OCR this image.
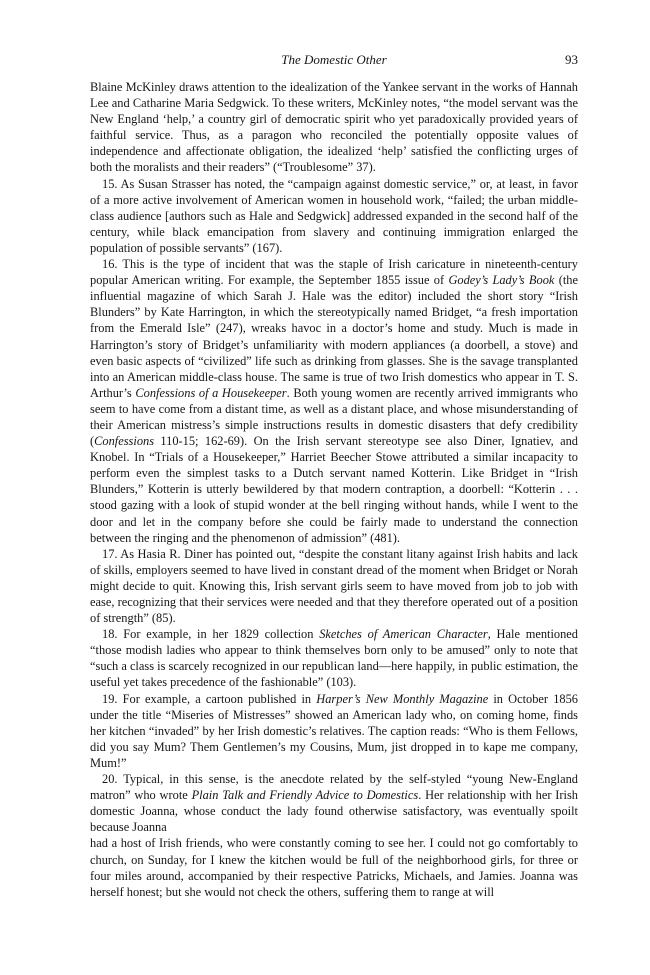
The Domestic Other	93

Blaine McKinley draws attention to the idealization of the Yankee servant in the works of Hannah Lee and Catharine Maria Sedgwick. To these writers, McKinley notes, “the model servant was the New England ‘help,’ a country girl of democratic spirit who yet paradoxically provided years of faithful service. Thus, as a paragon who reconciled the potentially opposite values of independence and affectionate obligation, the idealized ‘help’ satisfied the conflicting urges of both the moralists and their readers” (“Troublesome” 37).

15. As Susan Strasser has noted, the “campaign against domestic service,” or, at least, in favor of a more active involvement of American women in household work, “failed; the urban middle-class audience [authors such as Hale and Sedgwick] addressed expanded in the second half of the century, while black emancipation from slavery and continuing immigration enlarged the population of possible servants” (167).

16. This is the type of incident that was the staple of Irish caricature in nineteenth-century popular American writing. For example, the September 1855 issue of Godey’s Lady’s Book (the influential magazine of which Sarah J. Hale was the editor) included the short story “Irish Blunders” by Kate Harrington, in which the stereotypically named Bridget, “a fresh importation from the Emerald Isle” (247), wreaks havoc in a doctor’s home and study. Much is made in Harrington’s story of Bridget’s unfamiliarity with modern appliances (a doorbell, a stove) and even basic aspects of “civilized” life such as drinking from glasses. She is the savage transplanted into an American middle-class house. The same is true of two Irish domestics who appear in T. S. Arthur’s Confessions of a Housekeeper. Both young women are recently arrived immigrants who seem to have come from a distant time, as well as a distant place, and whose misunderstanding of their American mistress’s simple instructions results in domestic disasters that defy credibility (Confessions 110-15; 162-69). On the Irish servant stereotype see also Diner, Ignatiev, and Knobel. In “Trials of a Housekeeper,” Harriet Beecher Stowe attributed a similar incapacity to perform even the simplest tasks to a Dutch servant named Kotterin. Like Bridget in “Irish Blunders,” Kotterin is utterly bewildered by that modern contraption, a doorbell: “Kotterin . . . stood gazing with a look of stupid wonder at the bell ringing without hands, while I went to the door and let in the company before she could be fairly made to understand the connection between the ringing and the phenomenon of admission” (481).

17. As Hasia R. Diner has pointed out, “despite the constant litany against Irish habits and lack of skills, employers seemed to have lived in constant dread of the moment when Bridget or Norah might decide to quit. Knowing this, Irish servant girls seem to have moved from job to job with ease, recognizing that their services were needed and that they therefore operated out of a position of strength” (85).

18. For example, in her 1829 collection Sketches of American Character, Hale mentioned “those modish ladies who appear to think themselves born only to be amused” only to note that “such a class is scarcely recognized in our republican land—here happily, in public estimation, the useful yet takes precedence of the fashionable” (103).

19. For example, a cartoon published in Harper’s New Monthly Magazine in October 1856 under the title “Miseries of Mistresses” showed an American lady who, on coming home, finds her kitchen “invaded” by her Irish domestic’s relatives. The caption reads: “Who is them Fellows, did you say Mum? Them Gentlemen’s my Cousins, Mum, jist dropped in to kape me company, Mum!”

20. Typical, in this sense, is the anecdote related by the self-styled “young New-England matron” who wrote Plain Talk and Friendly Advice to Domestics. Her relationship with her Irish domestic Joanna, whose conduct the lady found otherwise satisfactory, was eventually spoilt because Joanna

had a host of Irish friends, who were constantly coming to see her. I could not go comfortably to church, on Sunday, for I knew the kitchen would be full of the neighborhood girls, for three or four miles around, accompanied by their respective Patricks, Michaels, and Jamies. Joanna was herself honest; but she would not check the others, suffering them to range at will
